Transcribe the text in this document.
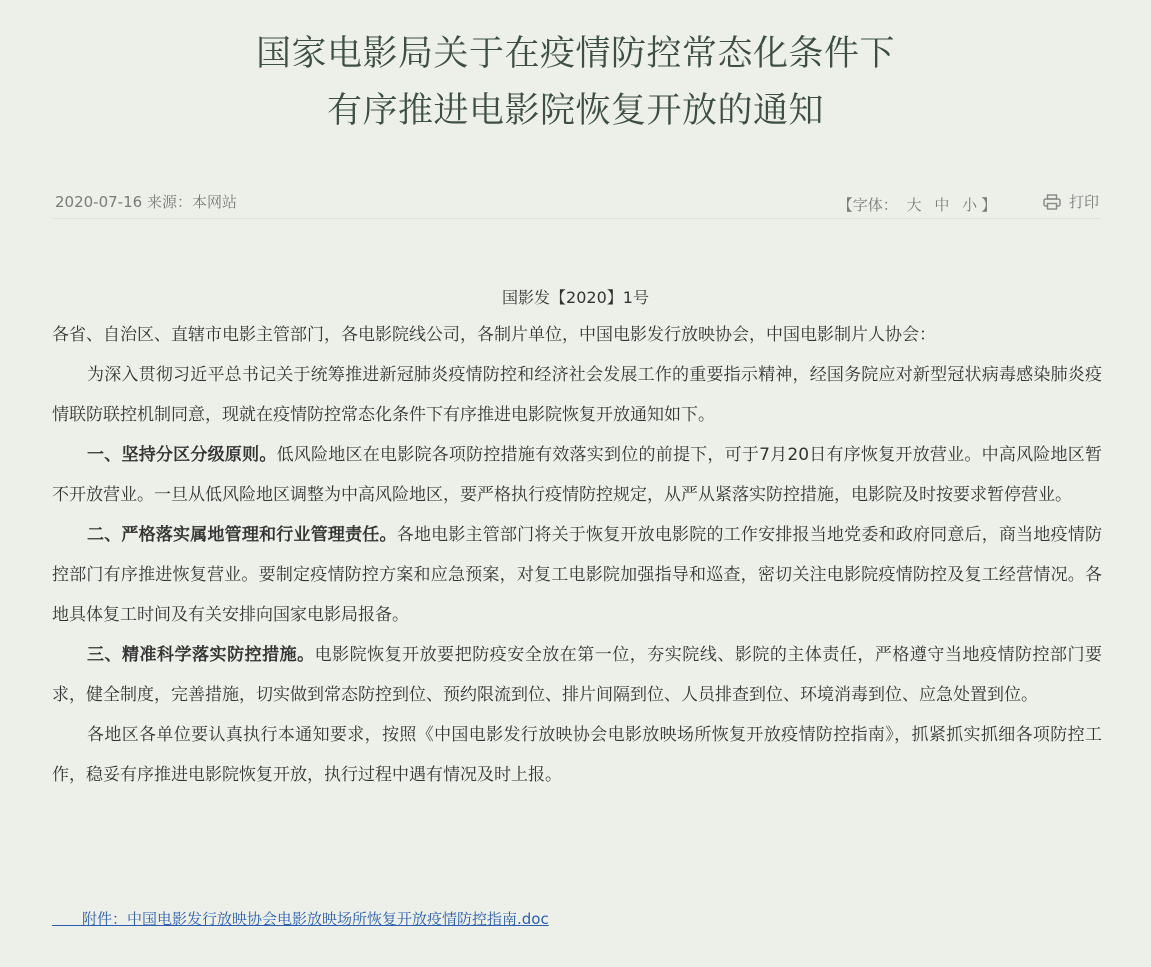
国家电影局关于在疫情防控常态化条件下
有序推进电影院恢复开放的通知
2020-07-16 来源：本网站	【字体： 大 中 小 】	打印
国影发【2020】1号

各省、自治区、直辖市电影主管部门，各电影院线公司，各制片单位，中国电影发行放映协会，中国电影制片人协会：

为深入贯彻习近平总书记关于统筹推进新冠肺炎疫情防控和经济社会发展工作的重要指示精神，经国务院应对新型冠状病毒感染肺炎疫情联防联控机制同意，现就在疫情防控常态化条件下有序推进电影院恢复开放通知如下。

一、坚持分区分级原则。低风险地区在电影院各项防控措施有效落实到位的前提下，可于7月20日有序恢复开放营业。中高风险地区暂不开放营业。一旦从低风险地区调整为中高风险地区，要严格执行疫情防控规定，从严从紧落实防控措施，电影院及时按要求暂停营业。

二、严格落实属地管理和行业管理责任。各地电影主管部门将关于恢复开放电影院的工作安排报当地党委和政府同意后，商当地疫情防控部门有序推进恢复营业。要制定疫情防控方案和应急预案，对复工电影院加强指导和巡查，密切关注电影院疫情防控及复工经营情况。各地具体复工时间及有关安排向国家电影局报备。

三、精准科学落实防控措施。电影院恢复开放要把防疫安全放在第一位，夯实院线、影院的主体责任，严格遵守当地疫情防控部门要求，健全制度，完善措施，切实做到常态防控到位、预约限流到位、排片间隔到位、人员排查到位、环境消毒到位、应急处置到位。

各地区各单位要认真执行本通知要求，按照《中国电影发行放映协会电影放映场所恢复开放疫情防控指南》，抓紧抓实抓细各项防控工作，稳妥有序推进电影院恢复开放，执行过程中遇有情况及时上报。

　　附件：中国电影发行放映协会电影放映场所恢复开放疫情防控指南.doc
